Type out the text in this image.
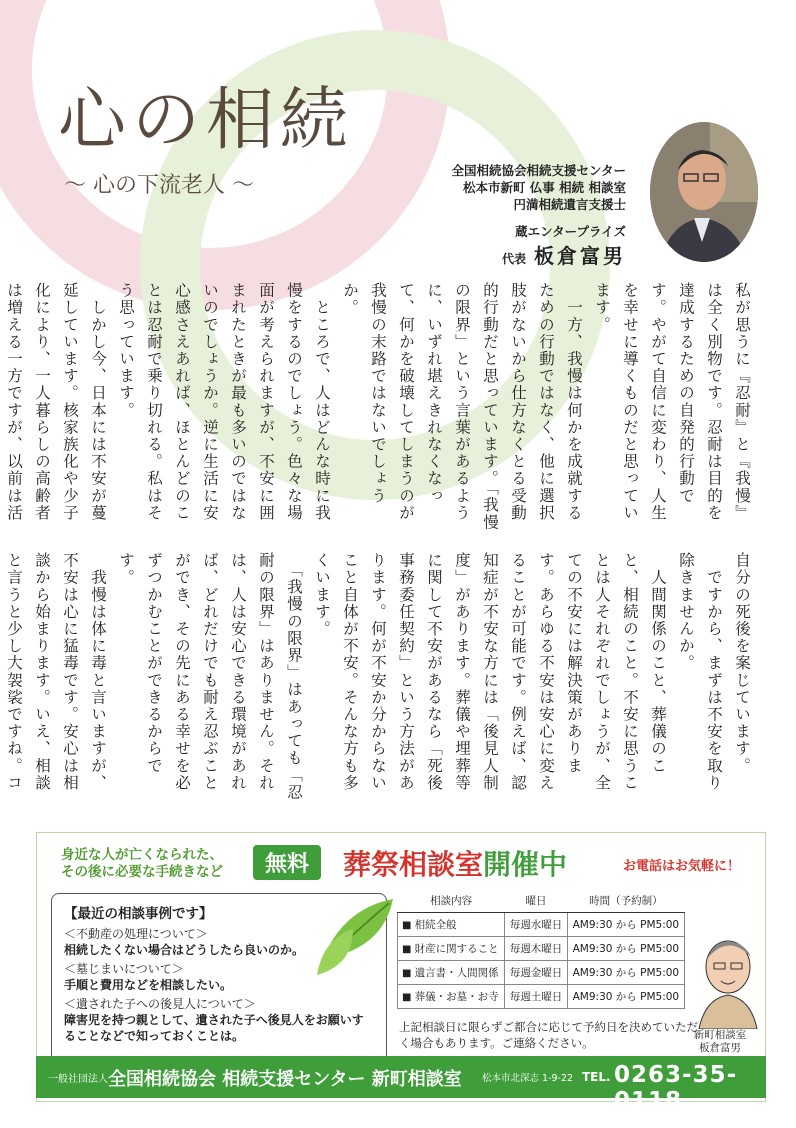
心の相続
～ 心の下流老人 ～
全国相続協会相続支援センター
松本市新町 仏事 相続 相談室
円満相続遺言支援士
蔵エンタープライズ
代表 板倉富男
私が思うに『忍耐』と『我慢』は全く別物です。忍耐は目的を達成するための自発的行動です。やがて自信に変わり、人生を幸せに導くものだと思っています。
　一方、我慢は何かを成就するための行動ではなく、他に選択肢がないから仕方なくとる受動的行動だと思っています。「我慢の限界」という言葉があるように、いずれ堪えきれなくなって、何かを破壊してしまうのが我慢の末路ではないでしょうか。
　ところで、人はどんな時に我慢をするのでしょう。色々な場面が考えられますが、不安に囲まれたときが最も多いのではないのでしょうか。逆に生活に安心感さえあれば、ほとんどのことは忍耐で乗り切れる。私はそう思っています。
　しかし今、日本には不安が蔓延しています。核家族化や少子化により、一人暮らしの高齢者は増える一方ですが、以前は活
自分の死後を案じています。
　ですから、まずは不安を取り除きませんか。
　人間関係のこと、葬儀のこと、相続のこと。不安に思うことは人それぞれでしょうが、全ての不安には解決策があります。あらゆる不安は安心に変えることが可能です。例えば、認知症が不安な方には「後見人制度」があります。葬儀や埋葬等に関して不安があるなら「死後事務委任契約」という方法があります。何が不安か分からないこと自体が不安。そんな方も多くいます。
　「我慢の限界」はあっても「忍耐の限界」はありません。それは、人は安心できる環境があれば、どれだけでも耐え忍ぶことができ、その先にある幸せを必ずつかむことができるからです。
　我慢は体に毒と言いますが、不安は心に猛毒です。安心は相談から始まります。いえ、相談と言うと少し大袈裟ですね。コ
身近な人が亡くなられた、
その後に必要な手続きなど	無料	葬祭相談室開催中	お電話はお気軽に！
【最近の相談事例です】
＜不動産の処理について＞
相続したくない場合はどうしたら良いのか。
＜墓じまいについて＞
手順と費用などを相談したい。
＜遺された子への後見人について＞
障害児を持つ親として、遺された子へ後見人をお願いすることなどで知っておくことは。
相談内容	曜日	時間（予約制）
■ 相続全般	毎週水曜日	AM9:30 から PM5:00
■ 財産に関すること	毎週木曜日	AM9:30 から PM5:00
■ 遺言書・人間関係	毎週金曜日	AM9:30 から PM5:00
■ 葬儀・お墓・お寺	毎週土曜日	AM9:30 から PM5:00
上記相談日に限らずご都合に応じて予約日を決めていただく場合もあります。ご連絡ください。
新町相談室
板倉富男
一般社団法人 全国相続協会 相続支援センター 新町相談室 松本市北深志 1-9-22 TEL. 0263-35-0118
